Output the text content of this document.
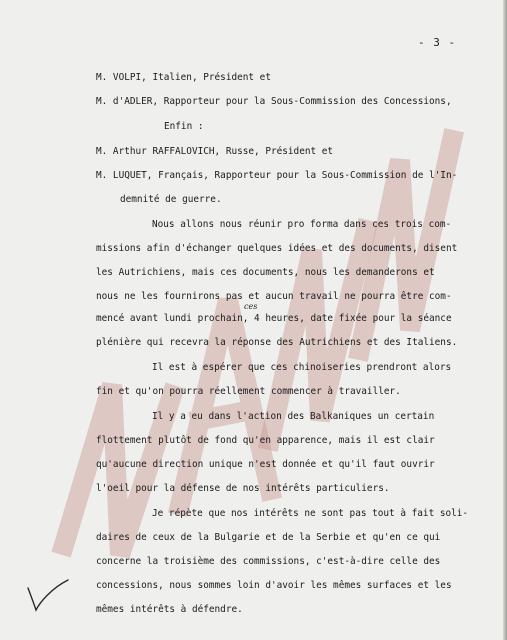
- 3 -
M. VOLPI, Italien, Président et
M. d'ADLER, Rapporteur pour la Sous-Commission des Concessions,
Enfin :
M. Arthur RAFFALOVICH, Russe, Président et
M. LUQUET, Français, Rapporteur pour la Sous-Commission de l'In-
demnité de guerre.
Nous allons nous réunir pro forma dans ces trois com-
missions afin d'échanger quelques idées et des documents, disent
les Autrichiens, mais ces documents, nous les demanderons et
nous ne les fournirons pas et aucun travail ne pourra être com-
ces
mencé avant lundi prochain, 4 heures, date fixée pour la séance
plénière qui recevra la réponse des Autrichiens et des Italiens.
Il est à espérer que ces chinoiseries prendront alors
fin et qu'on pourra réellement commencer à travailler.
Il y a eu dans l'action des Balkaniques un certain
flottement plutôt de fond qu'en apparence, mais il est clair
qu'aucune direction unique n'est donnée et qu'il faut ouvrir
l'oeil pour la défense de nos intérêts particuliers.
Je répète que nos intérêts ne sont pas tout à fait soli-
daires de ceux de la Bulgarie et de la Serbie et qu'en ce qui
concerne la troisième des commissions, c'est-à-dire celle des
concessions, nous sommes loin d'avoir les mêmes surfaces et les
mêmes intérêts à défendre.
